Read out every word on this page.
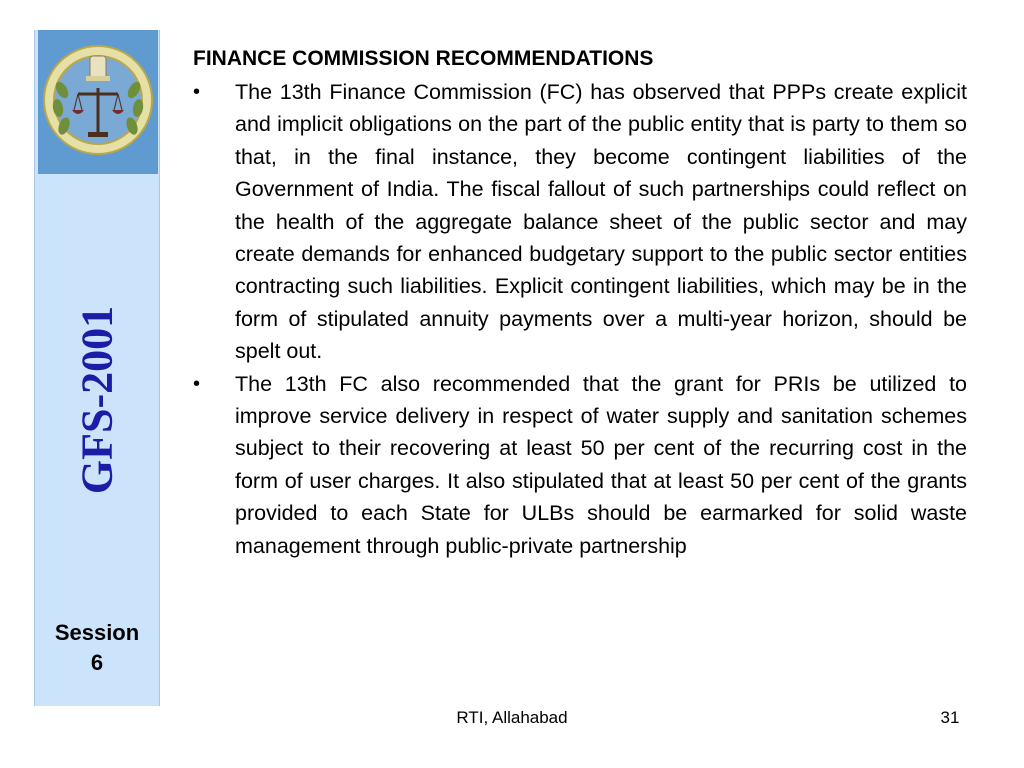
GFS-2001
Session
6
FINANCE COMMISSION RECOMMENDATIONS
• The 13th Finance Commission (FC) has observed that PPPs create explicit and implicit obligations on the part of the public entity that is party to them so that, in the final instance, they become contingent liabilities of the Government of India. The fiscal fallout of such partnerships could reflect on the health of the aggregate balance sheet of the public sector and may create demands for enhanced budgetary support to the public sector entities contracting such liabilities. Explicit contingent liabilities, which may be in the form of stipulated annuity payments over a multi-year horizon, should be spelt out.
• The 13th FC also recommended that the grant for PRIs be utilized to improve service delivery in respect of water supply and sanitation schemes subject to their recovering at least 50 per cent of the recurring cost in the form of user charges. It also stipulated that at least 50 per cent of the grants provided to each State for ULBs should be earmarked for solid waste management through public-private partnership
RTI, Allahabad	31
